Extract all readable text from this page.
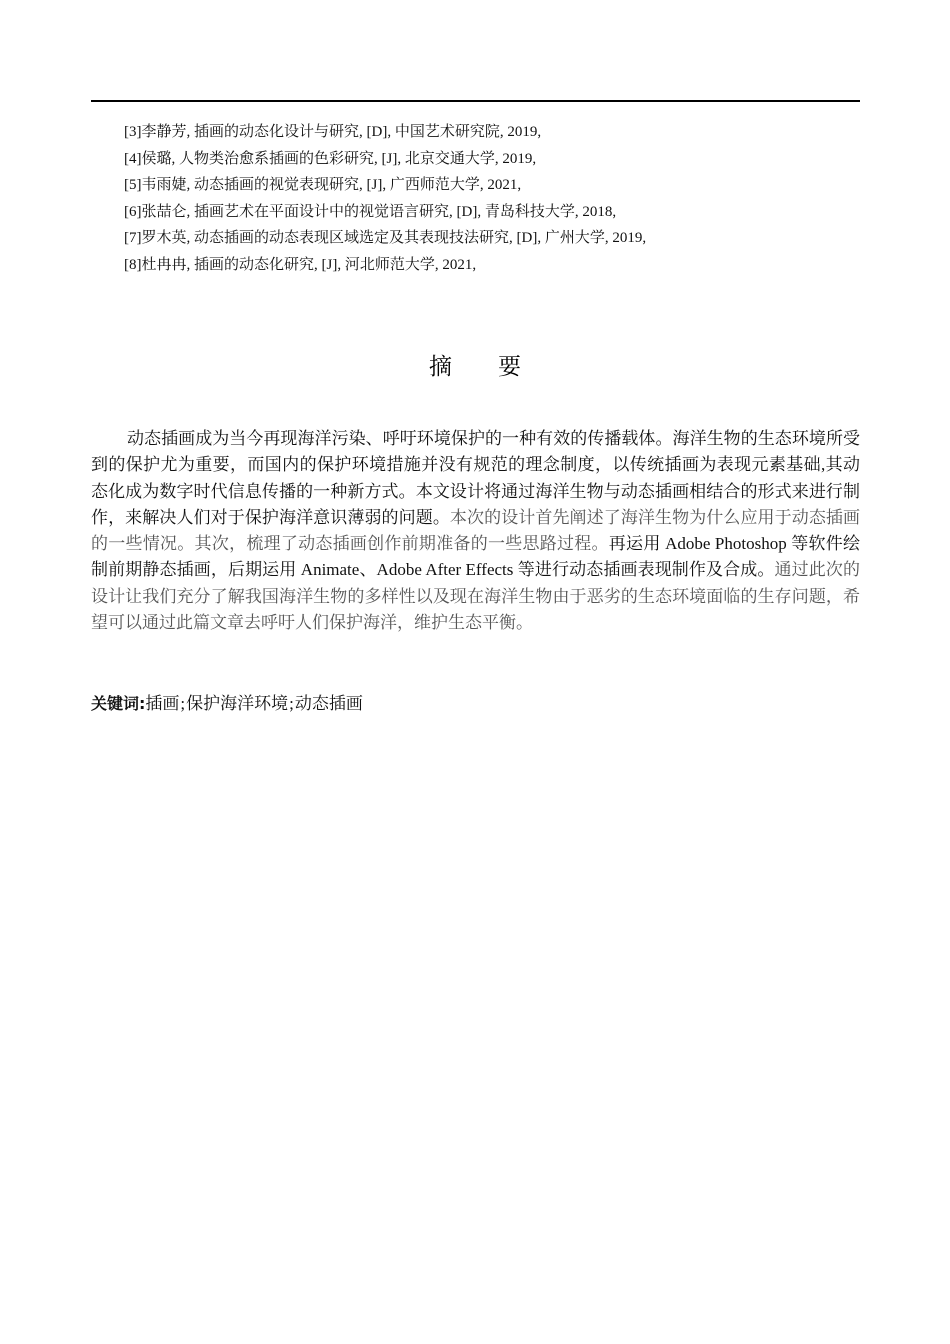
[3]李静芳, 插画的动态化设计与研究, [D], 中国艺术研究院, 2019,
[4]侯璐, 人物类治愈系插画的色彩研究, [J], 北京交通大学, 2019,
[5]韦雨婕, 动态插画的视觉表现研究, [J], 广西师范大学, 2021,
[6]张喆仑, 插画艺术在平面设计中的视觉语言研究, [D], 青岛科技大学, 2018,
[7]罗木英, 动态插画的动态表现区域选定及其表现技法研究, [D], 广州大学, 2019,
[8]杜冉冉, 插画的动态化研究, [J], 河北师范大学, 2021,
摘 要

动态插画成为当今再现海洋污染、呼吁环境保护的一种有效的传播载体。海洋生物的生态环境所受到的保护尤为重要，而国内的保护环境措施并没有规范的理念制度，以传统插画为表现元素基础,其动态化成为数字时代信息传播的一种新方式。本文设计将通过海洋生物与动态插画相结合的形式来进行制作，来解决人们对于保护海洋意识薄弱的问题。本次的设计首先阐述了海洋生物为什么应用于动态插画的一些情况。其次，梳理了动态插画创作前期准备的一些思路过程。再运用 Adobe Photoshop 等软件绘制前期静态插画，后期运用 Animate、Adobe After Effects 等进行动态插画表现制作及合成。通过此次的设计让我们充分了解我国海洋生物的多样性以及现在海洋生物由于恶劣的生态环境面临的生存问题，希望可以通过此篇文章去呼吁人们保护海洋，维护生态平衡。

关键词:插画;保护海洋环境;动态插画
